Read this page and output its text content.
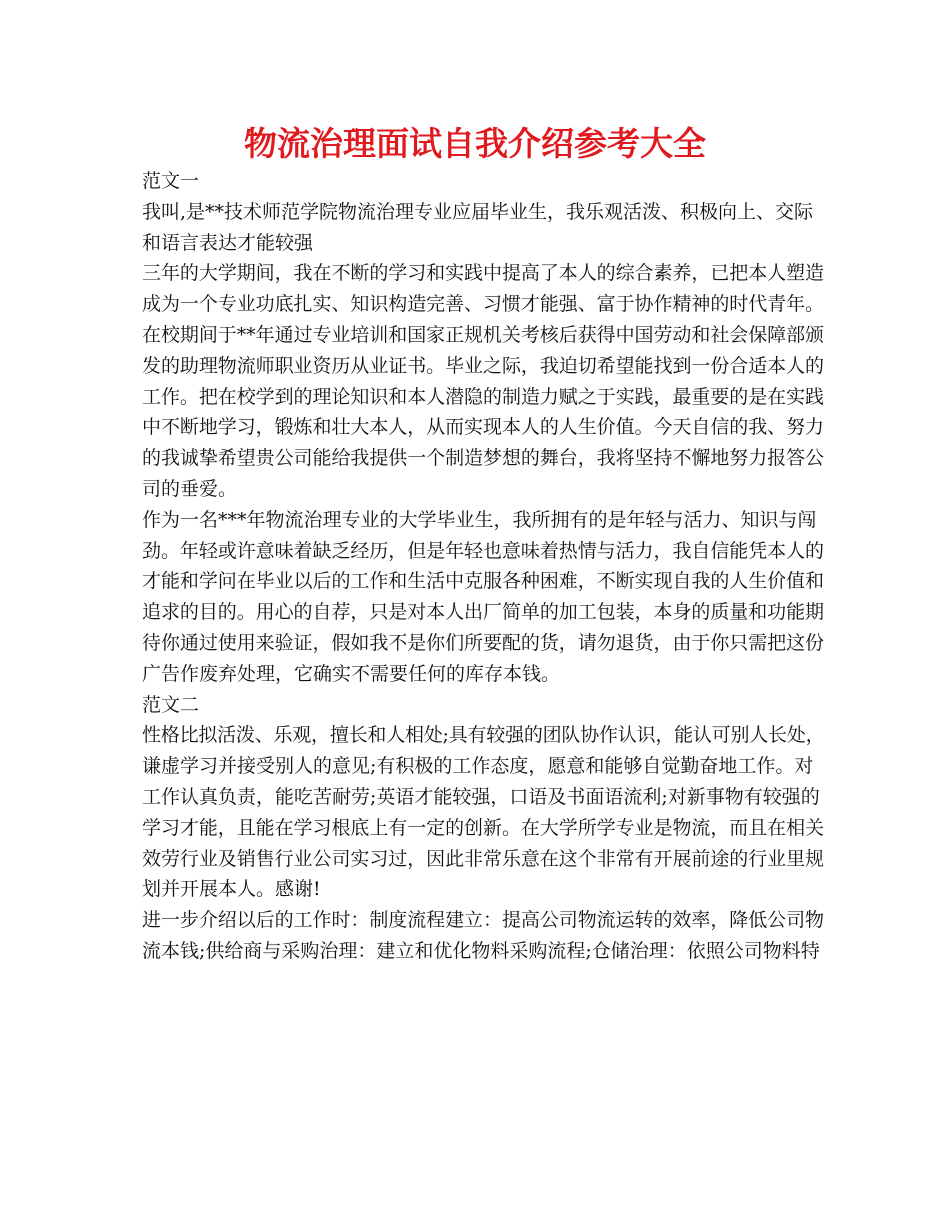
物流治理面试自我介绍参考大全
范文一
我叫,是**技术师范学院物流治理专业应届毕业生，我乐观活泼、积极向上、交际
和语言表达才能较强
三年的大学期间，我在不断的学习和实践中提高了本人的综合素养，已把本人塑造
成为一个专业功底扎实、知识构造完善、习惯才能强、富于协作精神的时代青年。
在校期间于**年通过专业培训和国家正规机关考核后获得中国劳动和社会保障部颁
发的助理物流师职业资历从业证书。毕业之际，我迫切希望能找到一份合适本人的
工作。把在校学到的理论知识和本人潜隐的制造力赋之于实践，最重要的是在实践
中不断地学习，锻炼和壮大本人，从而实现本人的人生价值。今天自信的我、努力
的我诚挚希望贵公司能给我提供一个制造梦想的舞台，我将坚持不懈地努力报答公
司的垂爱。
作为一名***年物流治理专业的大学毕业生，我所拥有的是年轻与活力、知识与闯
劲。年轻或许意味着缺乏经历，但是年轻也意味着热情与活力，我自信能凭本人的
才能和学问在毕业以后的工作和生活中克服各种困难，不断实现自我的人生价值和
追求的目的。用心的自荐，只是对本人出厂简单的加工包装，本身的质量和功能期
待你通过使用来验证，假如我不是你们所要配的货，请勿退货，由于你只需把这份
广告作废弃处理，它确实不需要任何的库存本钱。
范文二
性格比拟活泼、乐观，擅长和人相处;具有较强的团队协作认识，能认可别人长处，
谦虚学习并接受别人的意见;有积极的工作态度，愿意和能够自觉勤奋地工作。对
工作认真负责，能吃苦耐劳;英语才能较强，口语及书面语流利;对新事物有较强的
学习才能，且能在学习根底上有一定的创新。在大学所学专业是物流，而且在相关
效劳行业及销售行业公司实习过，因此非常乐意在这个非常有开展前途的行业里规
划并开展本人。感谢!
进一步介绍以后的工作时：制度流程建立：提高公司物流运转的效率，降低公司物
流本钱;供给商与采购治理：建立和优化物料采购流程;仓储治理：依照公司物料特
